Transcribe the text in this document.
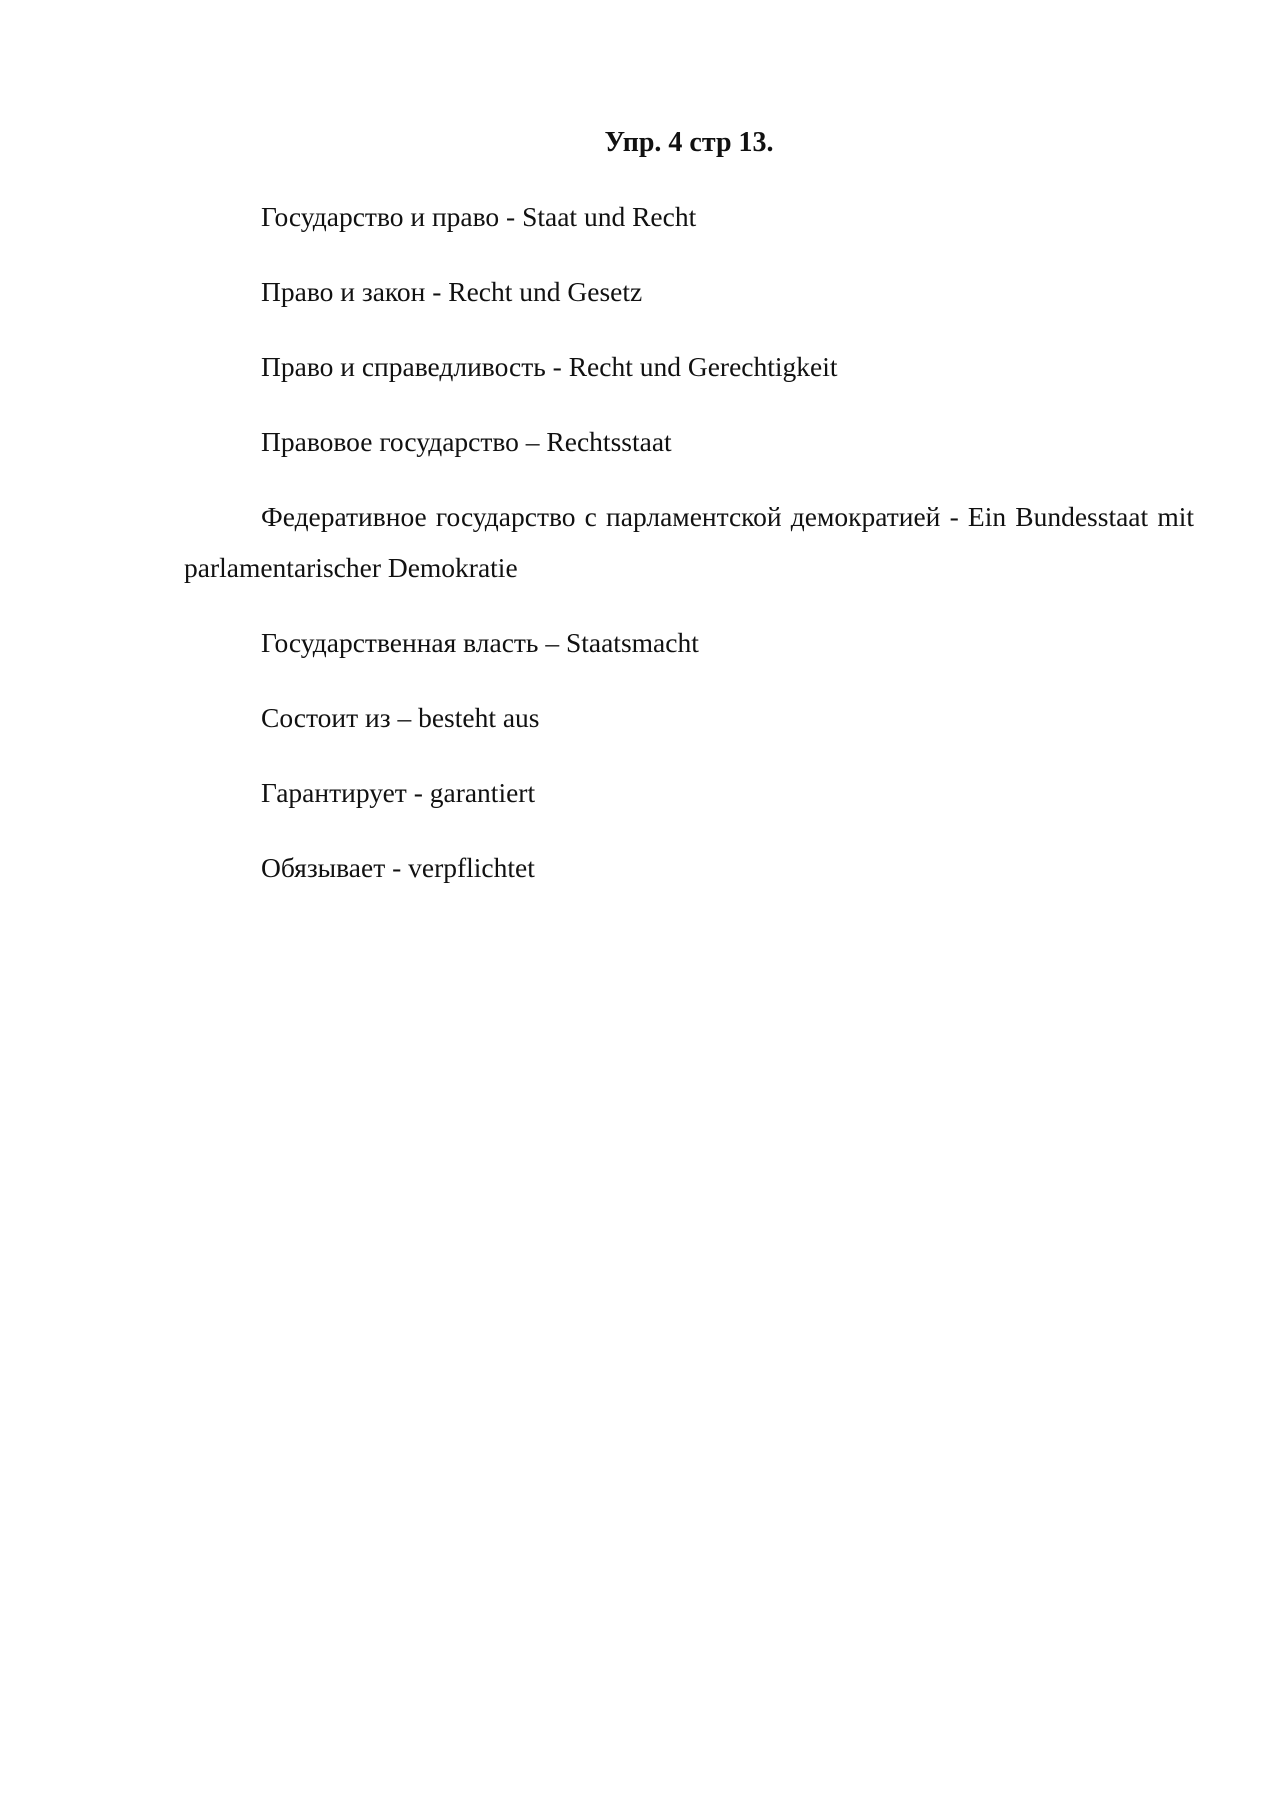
Упр. 4 стр 13.

Государство и право - Staat und Recht

Право и закон - Recht und Gesetz

Право и справедливость - Recht und Gerechtigkeit

Правовое государство – Rechtsstaat

Федеративное государство с парламентской демократией - Ein Bundesstaat mit parlamentarischer Demokratie

Государственная власть – Staatsmacht

Состоит из – besteht aus

Гарантирует - garantiert

Обязывает - verpflichtet
